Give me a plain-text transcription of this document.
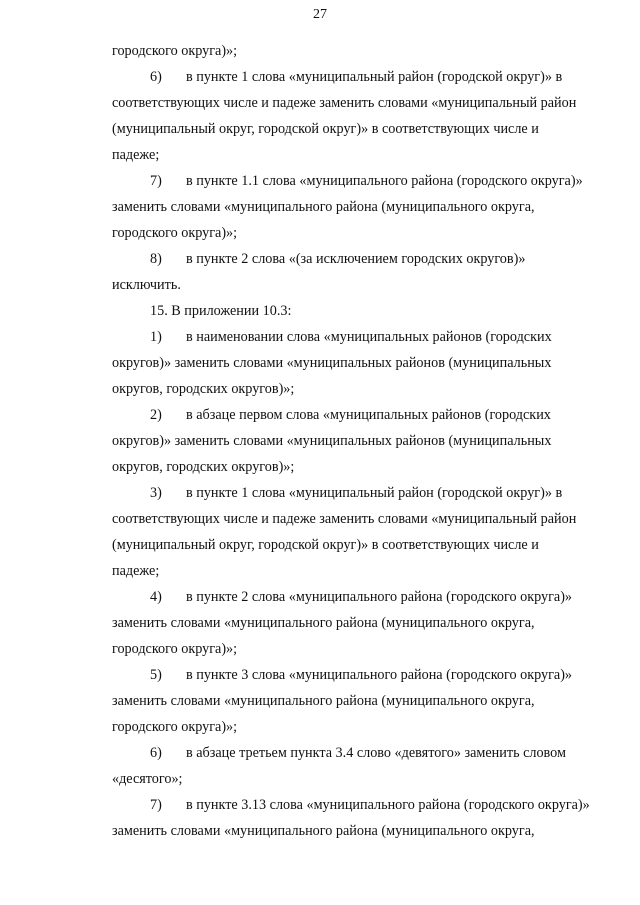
27
городского округа)»;
6) в пункте 1 слова «муниципальный район (городской округ)» в
соответствующих числе и падеже заменить словами «муниципальный район
(муниципальный округ, городской округ)» в соответствующих числе и
падеже;
7) в пункте 1.1 слова «муниципального района (городского округа)»
заменить словами «муниципального района (муниципального округа,
городского округа)»;
8) в пункте 2 слова «(за исключением городских округов)»
исключить.
15. В приложении 10.3:
1) в наименовании слова «муниципальных районов (городских
округов)» заменить словами «муниципальных районов (муниципальных
округов, городских округов)»;
2) в абзаце первом слова «муниципальных районов (городских
округов)» заменить словами «муниципальных районов (муниципальных
округов, городских округов)»;
3) в пункте 1 слова «муниципальный район (городской округ)» в
соответствующих числе и падеже заменить словами «муниципальный район
(муниципальный округ, городской округ)» в соответствующих числе и
падеже;
4) в пункте 2 слова «муниципального района (городского округа)»
заменить словами «муниципального района (муниципального округа,
городского округа)»;
5) в пункте 3 слова «муниципального района (городского округа)»
заменить словами «муниципального района (муниципального округа,
городского округа)»;
6) в абзаце третьем пункта 3.4 слово «девятого» заменить словом
«десятого»;
7) в пункте 3.13 слова «муниципального района (городского округа)»
заменить словами «муниципального района (муниципального округа,
